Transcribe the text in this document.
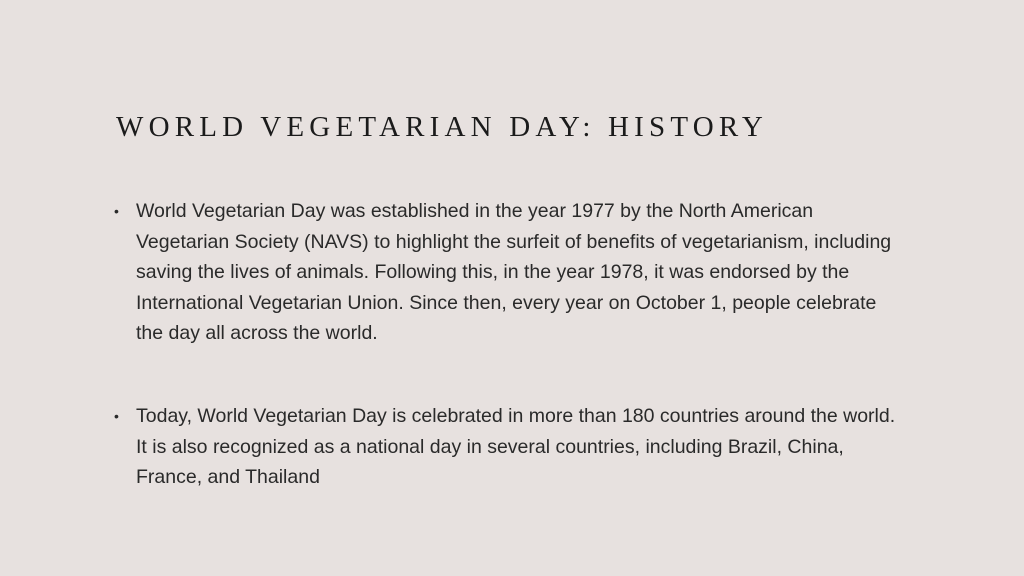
WORLD VEGETARIAN DAY: HISTORY
• World Vegetarian Day was established in the year 1977 by the North American Vegetarian Society (NAVS) to highlight the surfeit of benefits of vegetarianism, including saving the lives of animals. Following this, in the year 1978, it was endorsed by the International Vegetarian Union. Since then, every year on October 1, people celebrate the day all across the world.
• Today, World Vegetarian Day is celebrated in more than 180 countries around the world. It is also recognized as a national day in several countries, including Brazil, China, France, and Thailand
